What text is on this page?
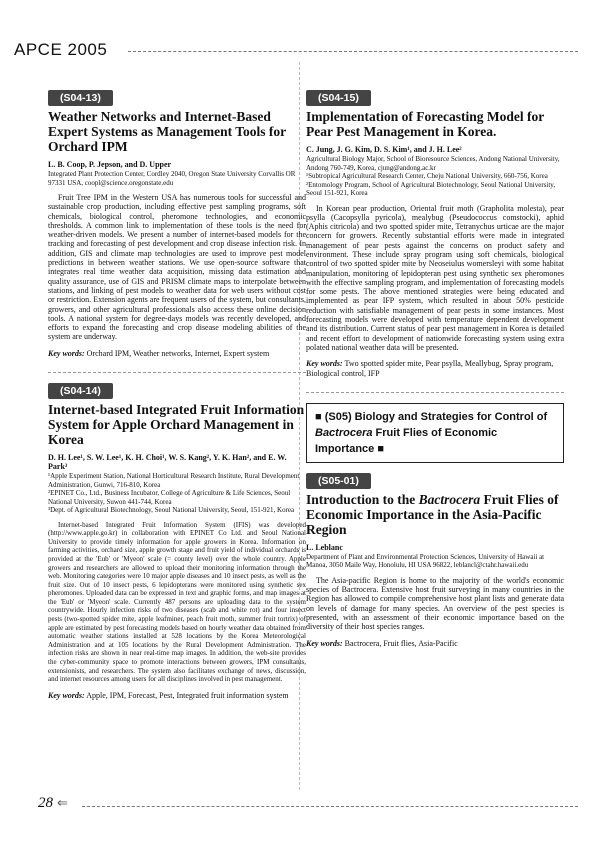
APCE 2005
(S04-13)
Weather Networks and Internet-Based Expert Systems as Management Tools for Orchard IPM
L. B. Coop, P. Jepson, and D. Upper
Integrated Plant Protection Center, Cordley 2040, Oregon State University Corvallis OR 97331 USA, coopl@science.oregonstate.edu

Fruit Tree IPM in the Western USA has numerous tools for successful and sustainable crop production, including effective pest sampling programs, soft chemicals, biological control, pheromone technologies, and economic thresholds. A common link to implementation of these tools is the need for weather-driven models. We present a number of internet-based models for the tracking and forecasting of pest development and crop disease infection risk. In addition, GIS and climate map technologies are used to improve pest model predictions in between weather stations. We use open-source software that integrates real time weather data acquisition, missing data estimation and quality assurance, use of GIS and PRISM climate maps to interpolate between stations, and linking of pest models to weather data for web users without cost or restriction. Extension agents are frequent users of the system, but consultants, growers, and other agricultural professionals also access these online decision tools. A national system for degree-days models was recently developed, and efforts to expand the forecasting and crop disease modeling abilities of the system are underway.

Key words: Orchard IPM, Weather networks, Internet, Expert system

(S04-14)
Internet-based Integrated Fruit Information System for Apple Orchard Management in Korea
D. H. Lee¹, S. W. Lee¹, K. H. Choi¹, W. S. Kang², Y. K. Han², and E. W. Park³
¹Apple Experiment Station, National Horticultural Research Institute, Rural Development Administration, Gunwi, 716-810, Korea
²EPINET Co., Ltd., Business Incubator, College of Agriculture & Life Sciences, Seoul National University, Suwon 441-744, Korea
³Dept. of Agricultural Biotechnology, Seoul National University, Seoul, 151-921, Korea

Internet-based Integrated Fruit Information System (IFIS) was developed (http://www.apple.go.kr) in collaboration with EPINET Co Ltd. and Seoul National University to provide timely information for apple growers in Korea. Information on farming activities, orchard size, apple growth stage and fruit yield of individual orchards is provided at the 'Eub' or 'Myeon' scale (= county level) over the whole country. Apple growers and researchers are allowed to upload their monitoring information through the web. Monitoring categories were 10 major apple diseases and 10 insect pests, as well as the fruit size. Out of 10 insect pests, 6 lepidopterans were monitored using synthetic sex pheromones. Uploaded data can be expressed in text and graphic forms, and map images at the 'Eub' or 'Myeon' scale. Currently 487 persons are uploading data to the system countrywide. Hourly infection risks of two diseases (scab and white rot) and four insect pests (two-spotted spider mite, apple leafminer, peach fruit moth, summer fruit tortrix) of apple are estimated by pest forecasting models based on hourly weather data obtained from automatic weather stations installed at 528 locations by the Korea Meteorological Administration and at 105 locations by the Rural Development Administration. The infection risks are shown in near real-time map images. In addition, the web-site provides the cyber-community space to promote interactions between growers, IPM consultants, extensionists, and researchers. The system also facilitates exchange of news, discussion, and internet resources among users for all disciplines involved in pest management.

Key words: Apple, IPM, Forecast, Pest, Integrated fruit information system

(S04-15)
Implementation of Forecasting Model for Pear Pest Management in Korea.
C. Jung, J. G. Kim, D. S. Kim¹, and J. H. Lee²
Agricultural Biology Major, School of Bioresource Sciences, Andong National University, Andong 760-749, Korea, cjung@andong.ac.kr
¹Subtropical Agricultural Research Center, Cheju National University, 660-756, Korea
²Entomology Program, School of Agricultural Biotechnology, Seoul National University, Seoul 151-921, Korea

In Korean pear production, Oriental fruit moth (Grapholita molesta), pear psylla (Cacopsylla pyricola), mealybug (Pseudococcus comstocki), aphid (Aphis citricola) and two spotted spider mite, Tetranychus urticae are the major concern for growers. Recently substantial efforts were made in integrated management of pear pests against the concerns on product safety and environment. These include spray program using soft chemicals, biological control of two spotted spider mite by Neoseiulus womersleyi with some habitat manipulation, monitoring of lepidopteran pest using synthetic sex pheromones with the effective sampling program, and implementation of forecasting models for some pests. The above mentioned strategies were being educated and implemented as pear IFP system, which resulted in about 50% pesticide reduction with satisfiable management of pear pests in some instances. Most forecasting models were developed with temperature dependent development and its distribution. Current status of pear pest management in Korea is detailed and recent effort to development of nationwide forecasting system using extra polated national weather data will be presented.

Key words: Two spotted spider mite, Pear psylla, Meallybug, Spray program, Biological control, IFP

■ (S05) Biology and Strategies for Control of Bactrocera Fruit Flies of Economic Importance ■
(S05-01)
Introduction to the Bactrocera Fruit Flies of Economic Importance in the Asia-Pacific Region
L. Leblanc
Department of Plant and Environmental Protection Sciences, University of Hawaii at Manoa, 3050 Maile Way, Honolulu, HI USA 96822, leblancl@ctahr.hawaii.edu

The Asia-pacific Region is home to the majority of the world's economic species of Bactrocera. Extensive host fruit surveying in many countries in the Region has allowed to compile comprehensive host plant lists and generate data on levels of damage for many species. An overview of the pest species is presented, with an assessment of their economic importance based on the diversity of their host species ranges.

Key words: Bactrocera, Fruit flies, Asia-Pacific

28 ⇐
